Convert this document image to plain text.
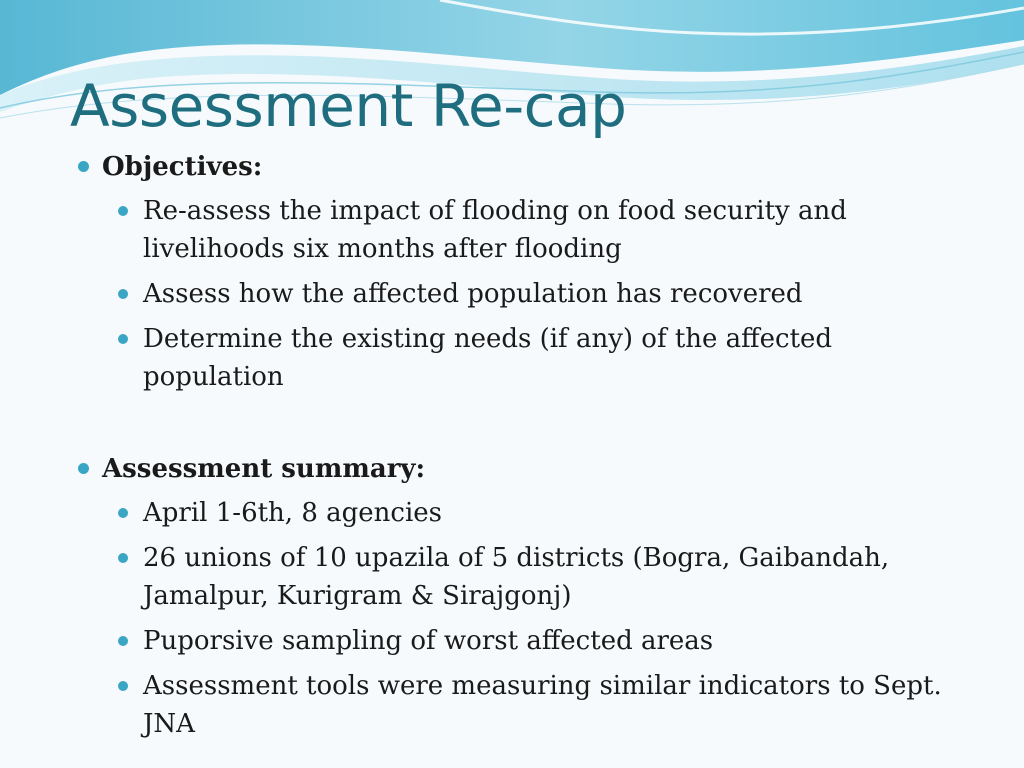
Assessment Re-cap
Objectives:
Re-assess the impact of flooding on food security and livelihoods six months after flooding
Assess how the affected population has recovered
Determine the existing needs (if any) of the affected population
Assessment summary:
April 1-6th, 8 agencies
26 unions of 10 upazila of 5 districts (Bogra, Gaibandah, Jamalpur, Kurigram & Sirajgonj)
Puporsive sampling of worst affected areas
Assessment tools were measuring similar indicators to Sept. JNA
